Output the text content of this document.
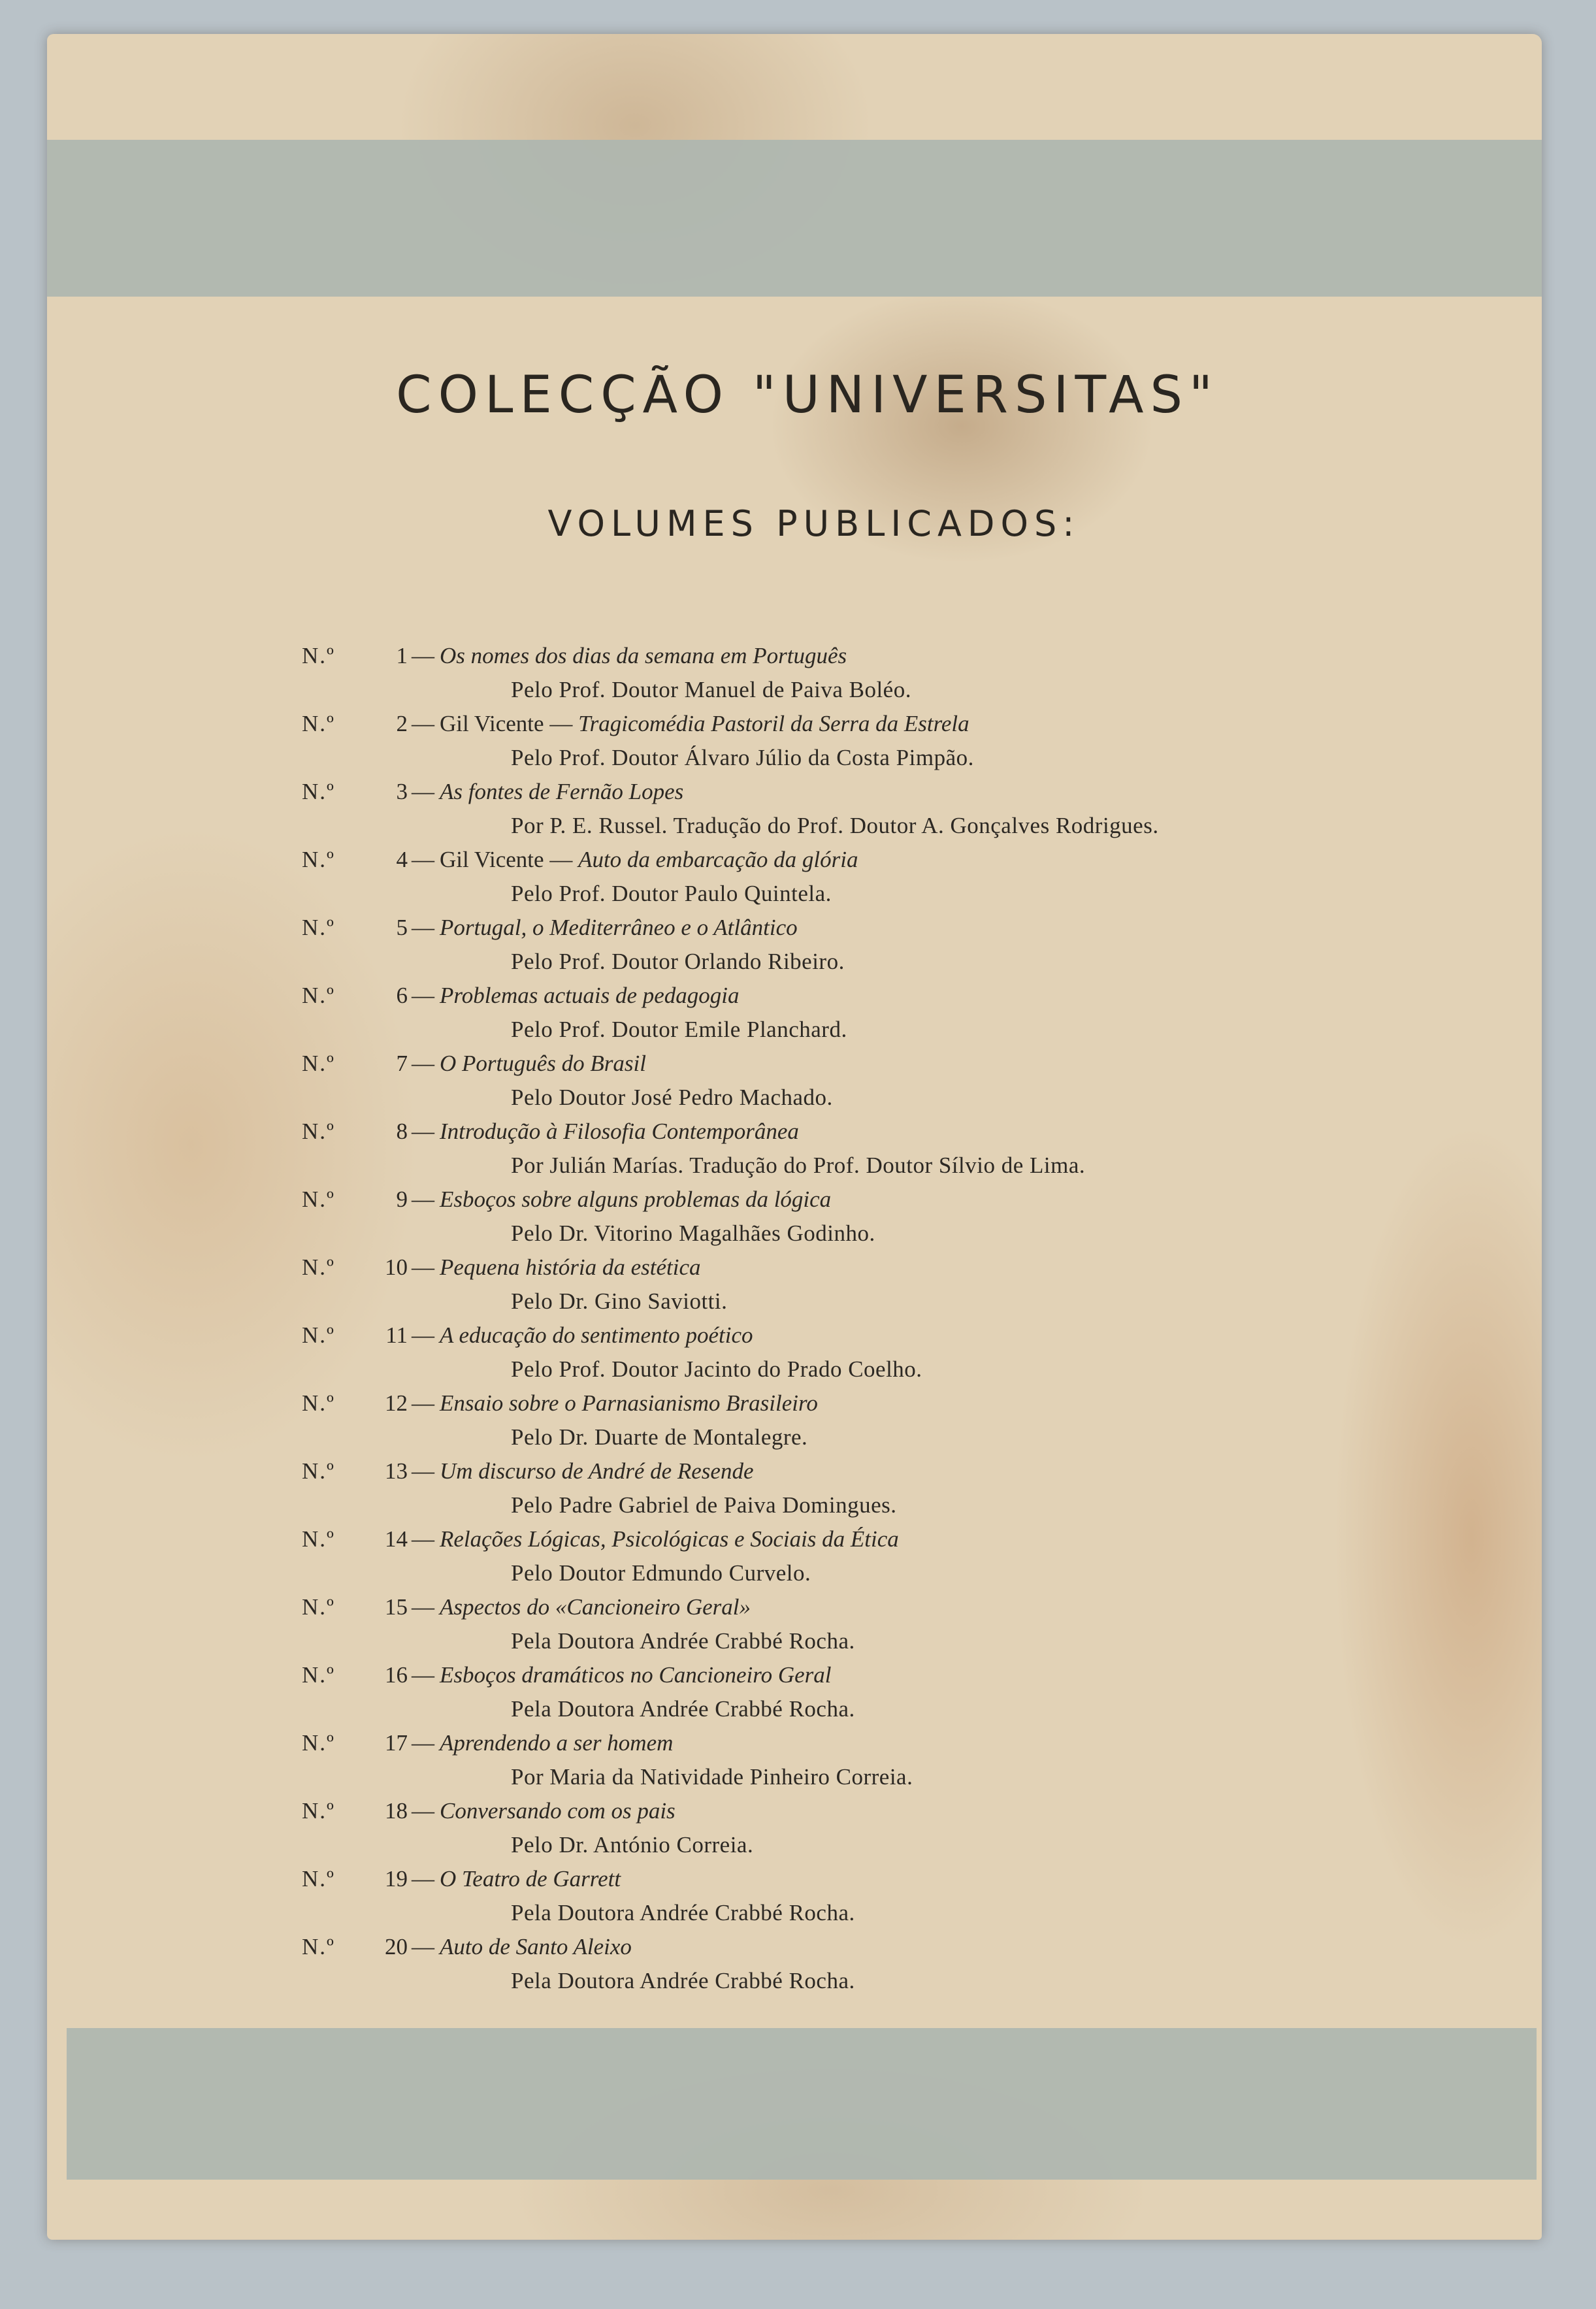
COLECÇÃO "UNIVERSITAS"
VOLUMES PUBLICADOS:
N.º	1 — Os nomes dos dias da semana em Português
Pelo Prof. Doutor Manuel de Paiva Boléo.
N.º	2 — Gil Vicente — Tragicomédia Pastoril da Serra da Estrela
Pelo Prof. Doutor Álvaro Júlio da Costa Pimpão.
N.º	3 — As fontes de Fernão Lopes
Por P. E. Russel. Tradução do Prof. Doutor A. Gonçalves Rodrigues.
N.º	4 — Gil Vicente — Auto da embarcação da glória
Pelo Prof. Doutor Paulo Quintela.
N.º	5 — Portugal, o Mediterrâneo e o Atlântico
Pelo Prof. Doutor Orlando Ribeiro.
N.º	6 — Problemas actuais de pedagogia
Pelo Prof. Doutor Emile Planchard.
N.º	7 — O Português do Brasil
Pelo Doutor José Pedro Machado.
N.º	8 — Introdução à Filosofia Contemporânea
Por Julián Marías. Tradução do Prof. Doutor Sílvio de Lima.
N.º	9 — Esboços sobre alguns problemas da lógica
Pelo Dr. Vitorino Magalhães Godinho.
N.º	10 — Pequena história da estética
Pelo Dr. Gino Saviotti.
N.º	11 — A educação do sentimento poético
Pelo Prof. Doutor Jacinto do Prado Coelho.
N.º	12 — Ensaio sobre o Parnasianismo Brasileiro
Pelo Dr. Duarte de Montalegre.
N.º	13 — Um discurso de André de Resende
Pelo Padre Gabriel de Paiva Domingues.
N.º	14 — Relações Lógicas, Psicológicas e Sociais da Ética
Pelo Doutor Edmundo Curvelo.
N.º	15 — Aspectos do «Cancioneiro Geral»
Pela Doutora Andrée Crabbé Rocha.
N.º	16 — Esboços dramáticos no Cancioneiro Geral
Pela Doutora Andrée Crabbé Rocha.
N.º	17 — Aprendendo a ser homem
Por Maria da Natividade Pinheiro Correia.
N.º	18 — Conversando com os pais
Pelo Dr. António Correia.
N.º	19 — O Teatro de Garrett
Pela Doutora Andrée Crabbé Rocha.
N.º	20 — Auto de Santo Aleixo
Pela Doutora Andrée Crabbé Rocha.
